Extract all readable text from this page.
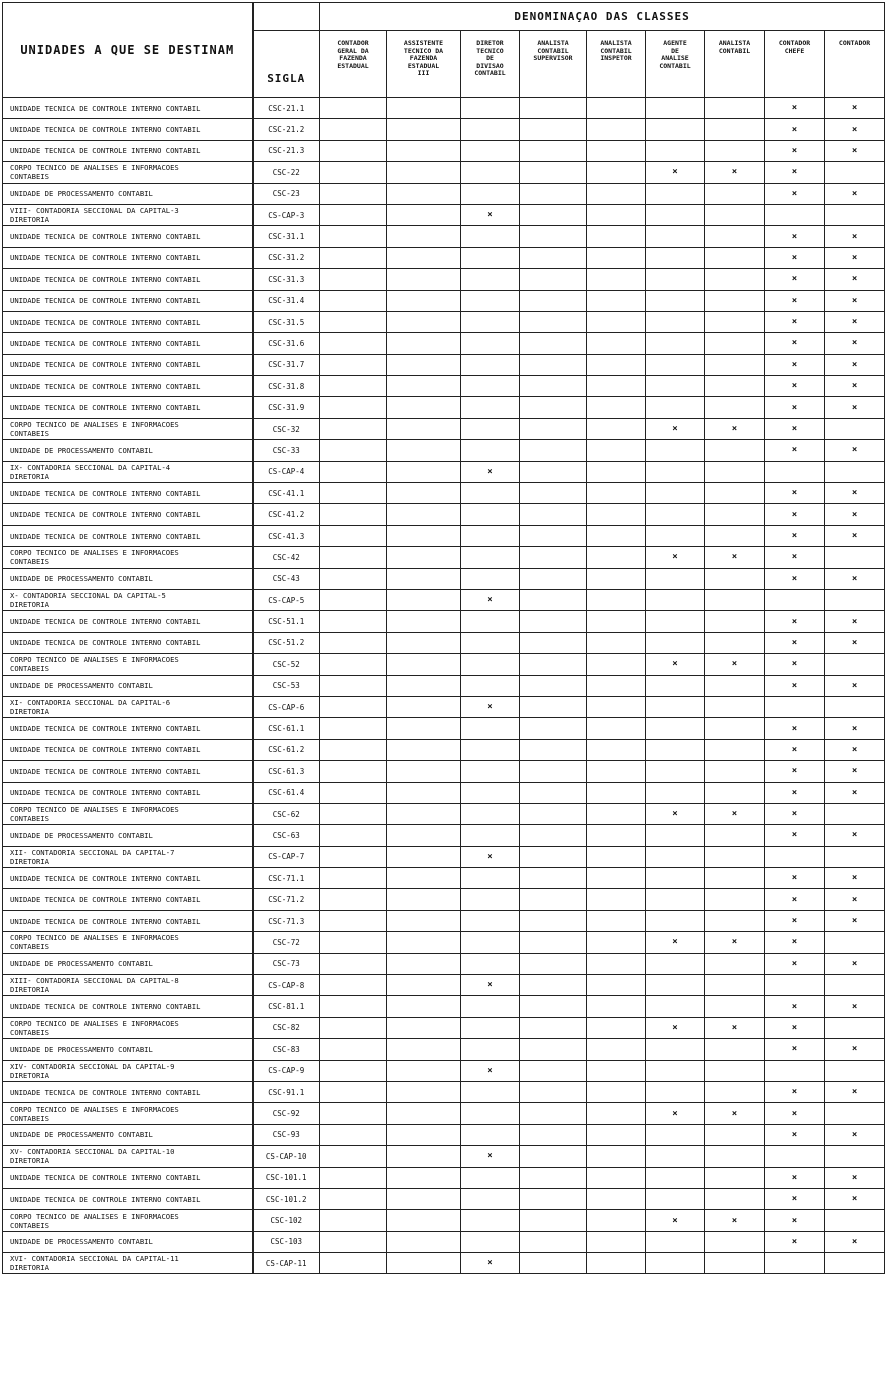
UNIDADES A QUE SE DESTINAM		DENOMINAÇAO DAS CLASSES								
	SIGLA	CONTADOR
GERAL DA
FAZENDA
ESTADUAL	ASSISTENTE
TECNICO DA
FAZENDA
ESTADUAL
III	DIRETOR
TECNICO
DE
DIVISAO
CONTABIL	ANALISTA
CONTABIL
SUPERVISOR	ANALISTA
CONTABIL
INSPETOR	AGENTE
DE
ANALISE
CONTABIL	ANALISTA
CONTABIL	CONTADOR
CHEFE	CONTADOR
UNIDADE TECNICA DE CONTROLE INTERNO CONTABIL	CSC-21.1								⨯	⨯
UNIDADE TECNICA DE CONTROLE INTERNO CONTABIL	CSC-21.2								⨯	⨯
UNIDADE TECNICA DE CONTROLE INTERNO CONTABIL	CSC-21.3								⨯	⨯
CORPO TECNICO DE ANALISES E INFORMACOES
CONTABEIS	CSC-22						⨯	⨯	⨯	
UNIDADE DE PROCESSAMENTO CONTABIL	CSC-23								⨯	⨯
VIII- CONTADORIA SECCIONAL DA CAPITAL-3
DIRETORIA	CS-CAP-3			⨯						
UNIDADE TECNICA DE CONTROLE INTERNO CONTABIL	CSC-31.1								⨯	⨯
UNIDADE TECNICA DE CONTROLE INTERNO CONTABIL	CSC-31.2								⨯	⨯
UNIDADE TECNICA DE CONTROLE INTERNO CONTABIL	CSC-31.3								⨯	⨯
UNIDADE TECNICA DE CONTROLE INTERNO CONTABIL	CSC-31.4								⨯	⨯
UNIDADE TECNICA DE CONTROLE INTERNO CONTABIL	CSC-31.5								⨯	⨯
UNIDADE TECNICA DE CONTROLE INTERNO CONTABIL	CSC-31.6								⨯	⨯
UNIDADE TECNICA DE CONTROLE INTERNO CONTABIL	CSC-31.7								⨯	⨯
UNIDADE TECNICA DE CONTROLE INTERNO CONTABIL	CSC-31.8								⨯	⨯
UNIDADE TECNICA DE CONTROLE INTERNO CONTABIL	CSC-31.9								⨯	⨯
CORPO TECNICO DE ANALISES E INFORMACOES
CONTABEIS	CSC-32						⨯	⨯	⨯	
UNIDADE DE PROCESSAMENTO CONTABIL	CSC-33								⨯	⨯
IX- CONTADORIA SECCIONAL DA CAPITAL-4
DIRETORIA	CS-CAP-4			⨯						
UNIDADE TECNICA DE CONTROLE INTERNO CONTABIL	CSC-41.1								⨯	⨯
UNIDADE TECNICA DE CONTROLE INTERNO CONTABIL	CSC-41.2								⨯	⨯
UNIDADE TECNICA DE CONTROLE INTERNO CONTABIL	CSC-41.3								⨯	⨯
CORPO TECNICO DE ANALISES E INFORMACOES
CONTABEIS	CSC-42						⨯	⨯	⨯	
UNIDADE DE PROCESSAMENTO CONTABIL	CSC-43								⨯	⨯
X- CONTADORIA SECCIONAL DA CAPITAL-5
DIRETORIA	CS-CAP-5			⨯						
UNIDADE TECNICA DE CONTROLE INTERNO CONTABIL	CSC-51.1								⨯	⨯
UNIDADE TECNICA DE CONTROLE INTERNO CONTABIL	CSC-51.2								⨯	⨯
CORPO TECNICO DE ANALISES E INFORMACOES
CONTABEIS	CSC-52						⨯	⨯	⨯	
UNIDADE DE PROCESSAMENTO CONTABIL	CSC-53								⨯	⨯
XI- CONTADORIA SECCIONAL DA CAPITAL-6
DIRETORIA	CS-CAP-6			⨯						
UNIDADE TECNICA DE CONTROLE INTERNO CONTABIL	CSC-61.1								⨯	⨯
UNIDADE TECNICA DE CONTROLE INTERNO CONTABIL	CSC-61.2								⨯	⨯
UNIDADE TECNICA DE CONTROLE INTERNO CONTABIL	CSC-61.3								⨯	⨯
UNIDADE TECNICA DE CONTROLE INTERNO CONTABIL	CSC-61.4								⨯	⨯
CORPO TECNICO DE ANALISES E INFORMACOES
CONTABEIS	CSC-62						⨯	⨯	⨯	
UNIDADE DE PROCESSAMENTO CONTABIL	CSC-63								⨯	⨯
XII- CONTADORIA SECCIONAL DA CAPITAL-7
DIRETORIA	CS-CAP-7			⨯						
UNIDADE TECNICA DE CONTROLE INTERNO CONTABIL	CSC-71.1								⨯	⨯
UNIDADE TECNICA DE CONTROLE INTERNO CONTABIL	CSC-71.2								⨯	⨯
UNIDADE TECNICA DE CONTROLE INTERNO CONTABIL	CSC-71.3								⨯	⨯
CORPO TECNICO DE ANALISES E INFORMACOES
CONTABEIS	CSC-72						⨯	⨯	⨯	
UNIDADE DE PROCESSAMENTO CONTABIL	CSC-73								⨯	⨯
XIII- CONTADORIA SECCIONAL DA CAPITAL-8
DIRETORIA	CS-CAP-8			⨯						
UNIDADE TECNICA DE CONTROLE INTERNO CONTABIL	CSC-81.1								⨯	⨯
CORPO TECNICO DE ANALISES E INFORMACOES
CONTABEIS	CSC-82						⨯	⨯	⨯	
UNIDADE DE PROCESSAMENTO CONTABIL	CSC-83								⨯	⨯
XIV- CONTADORIA SECCIONAL DA CAPITAL-9
DIRETORIA	CS-CAP-9			⨯						
UNIDADE TECNICA DE CONTROLE INTERNO CONTABIL	CSC-91.1								⨯	⨯
CORPO TECNICO DE ANALISES E INFORMACOES
CONTABEIS	CSC-92						⨯	⨯	⨯	
UNIDADE DE PROCESSAMENTO CONTABIL	CSC-93								⨯	⨯
XV- CONTADORIA SECCIONAL DA CAPITAL-10
DIRETORIA	CS-CAP-10			⨯						
UNIDADE TECNICA DE CONTROLE INTERNO CONTABIL	CSC-101.1								⨯	⨯
UNIDADE TECNICA DE CONTROLE INTERNO CONTABIL	CSC-101.2								⨯	⨯
CORPO TECNICO DE ANALISES E INFORMACOES
CONTABEIS	CSC-102						⨯	⨯	⨯	
UNIDADE DE PROCESSAMENTO CONTABIL	CSC-103								⨯	⨯
XVI- CONTADORIA SECCIONAL DA CAPITAL-11
DIRETORIA	CS-CAP-11			⨯						
